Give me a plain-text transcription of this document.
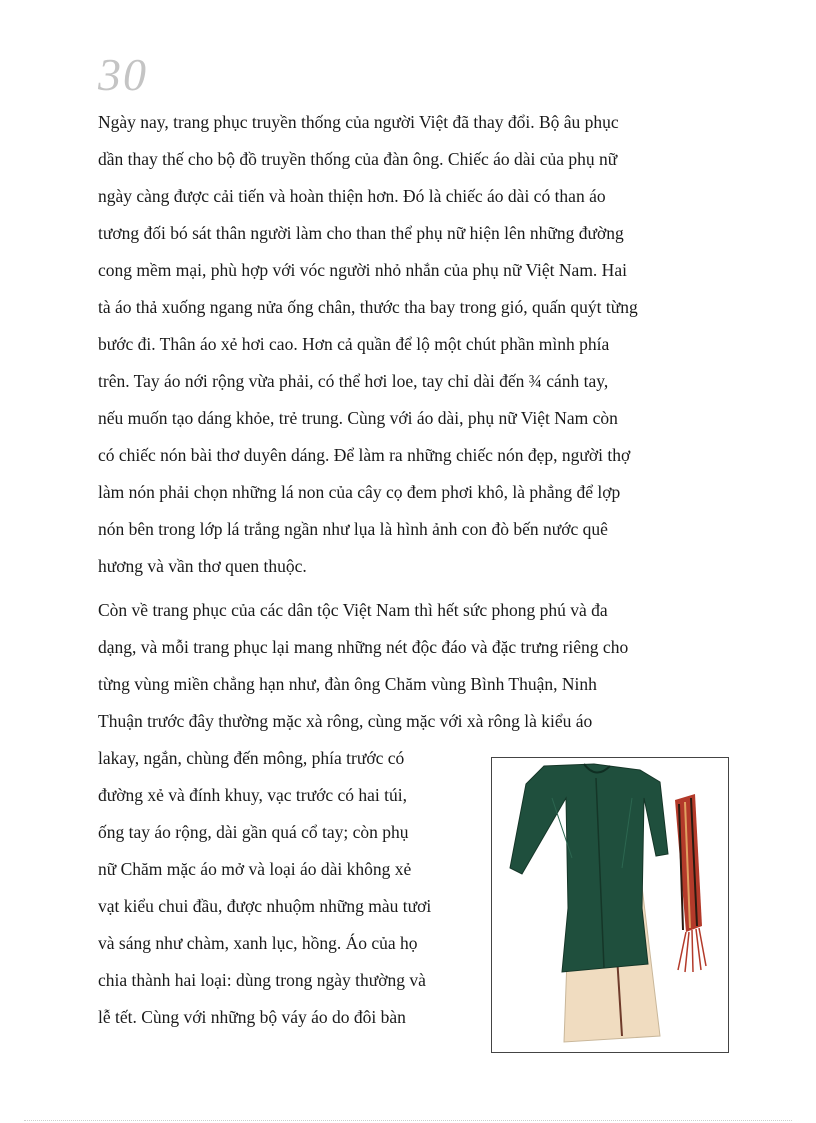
30
Ngày nay, trang phục truyền thống của người Việt đã thay đổi. Bộ âu phục
dần thay thế cho bộ đồ truyền thống của đàn ông. Chiếc áo dài của phụ nữ
ngày càng được cải tiến và hoàn thiện hơn. Đó là chiếc áo dài có than áo
tương đối bó sát thân người làm cho than thể phụ nữ hiện lên những đường
cong mềm mại, phù hợp với vóc người nhỏ nhắn của phụ nữ Việt Nam. Hai
tà áo thả xuống ngang nửa ống chân, thước tha bay trong gió, quấn quýt từng
bước đi. Thân áo xẻ hơi cao. Hơn cả quần để lộ một chút phần mình phía
trên. Tay áo nới rộng vừa phải, có thể hơi loe, tay chỉ dài đến ¾ cánh tay,
nếu muốn tạo dáng khỏe, trẻ trung. Cùng với áo dài, phụ nữ Việt Nam còn
có chiếc nón bài thơ duyên dáng. Để làm ra những chiếc nón đẹp, người thợ
làm nón phải chọn những lá non của cây cọ đem phơi khô, là phẳng để lợp
nón bên trong lớp lá trắng ngần như lụa là hình ảnh con đò bến nước quê
hương và vần thơ quen thuộc.
Còn về trang phục của các dân tộc Việt Nam thì hết sức phong phú và đa
dạng, và mỗi trang phục lại mang những nét độc đáo và đặc trưng riêng cho
từng vùng miền chẳng hạn như, đàn ông Chăm vùng Bình Thuận, Ninh
Thuận trước đây thường mặc xà rông, cùng mặc với xà rông là kiểu áo
lakay, ngắn, chùng đến mông, phía trước có
đường xẻ và đính khuy, vạc trước có hai túi,
ống tay áo rộng, dài gần quá cổ tay; còn phụ
nữ Chăm mặc áo mở và loại áo dài không xẻ
vạt kiểu chui đầu, được nhuộm những màu tươi
và sáng như chàm, xanh lục, hồng. Áo của họ
chia thành hai loại: dùng trong ngày thường và
lễ tết. Cùng với những bộ váy áo do đôi bàn
